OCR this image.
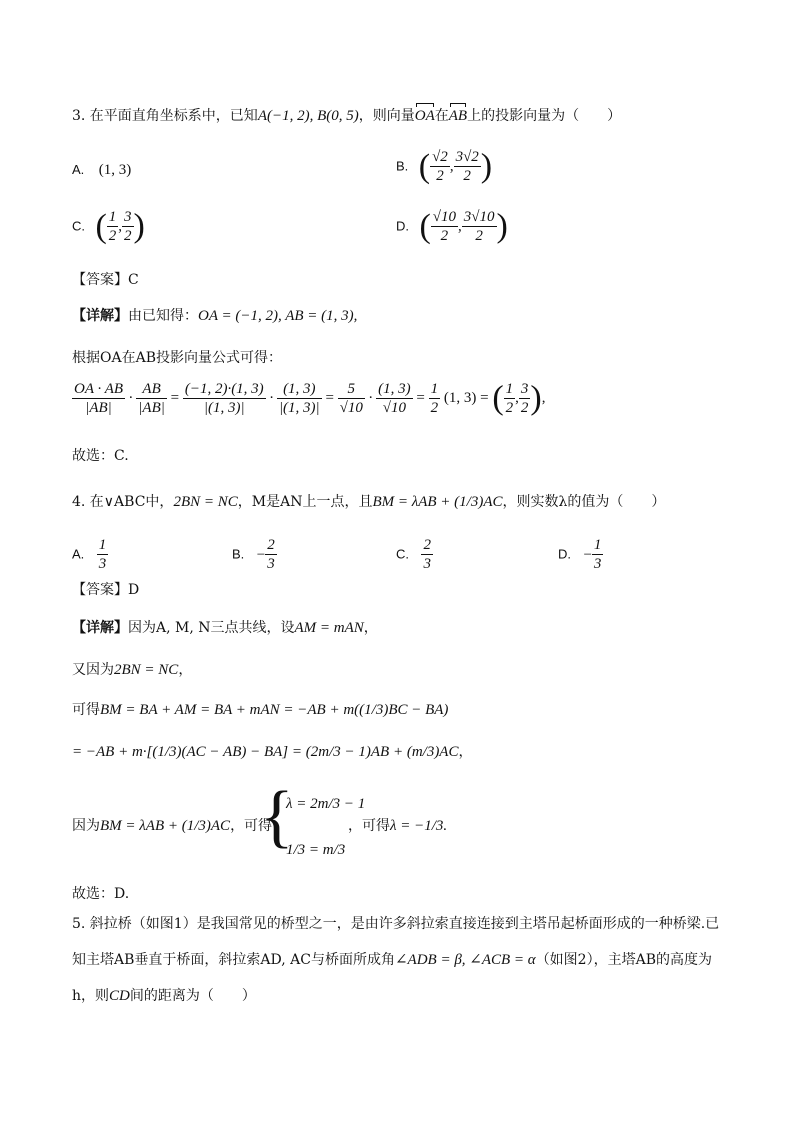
3. 在平面直角坐标系中，已知A(−1, 2), B(0, 5)，则向量OA在AB上的投影向量为（　　）
A. (1, 3)	B. ( $\frac{√2}{2}$ , $\frac{3√2}{2}$ )
C. ( $\frac{1}{2}$ , $\frac{3}{2}$ )	D. ( $\frac{√10}{2}$ , $\frac{3√10}{2}$ )
【答案】C
【详解】由已知得：OA = (−1, 2), AB = (1, 3),
根据OA在AB投影向量公式可得：
$\frac{OA \cdot AB}{|AB|} \cdot \frac{AB}{|AB|} = \frac{(-1, 2)\cdot(1, 3)}{|(1, 3)|} \cdot \frac{(1, 3)}{|(1, 3)|} = \frac{5}{√10} \cdot \frac{(1, 3)}{√10} = \frac{1}{2} (1$, 3) = ( $\frac{1}{2}$ , $\frac{3}{2}$ ),
故选：C.
4. 在∨ABC中，2BN = NC，M是AN上一点，且BM = λAB + (1/3)AC，则实数λ的值为（　　）
A. $\frac{1}{3}$	B. − $\frac{2}{3}$	C. $\frac{2}{3}$	D. − $\frac{1}{3}$
【答案】D
【详解】因为A, M, N三点共线，设AM = mAN，
又因为2BN = NC，
可得BM = BA + AM = BA + mAN = −AB + m((1/3)BC − BA)
= −AB + m·[(1/3)(AC − AB) − BA] = (2m/3 − 1)AB + (m/3)AC，
因为BM = λAB + (1/3)AC，可得
{
λ = 2m/3 − 1
1/3 = m/3
，可得λ = −1/3.
故选：D.
5. 斜拉桥（如图1）是我国常见的桥型之一，是由许多斜拉索直接连接到主塔吊起桥面形成的一种桥梁.已
知主塔AB垂直于桥面，斜拉索AD, AC与桥面所成角∠ADB = β, ∠ACB = α（如图2），主塔AB的高度为
h，则CD间的距离为（　　）
